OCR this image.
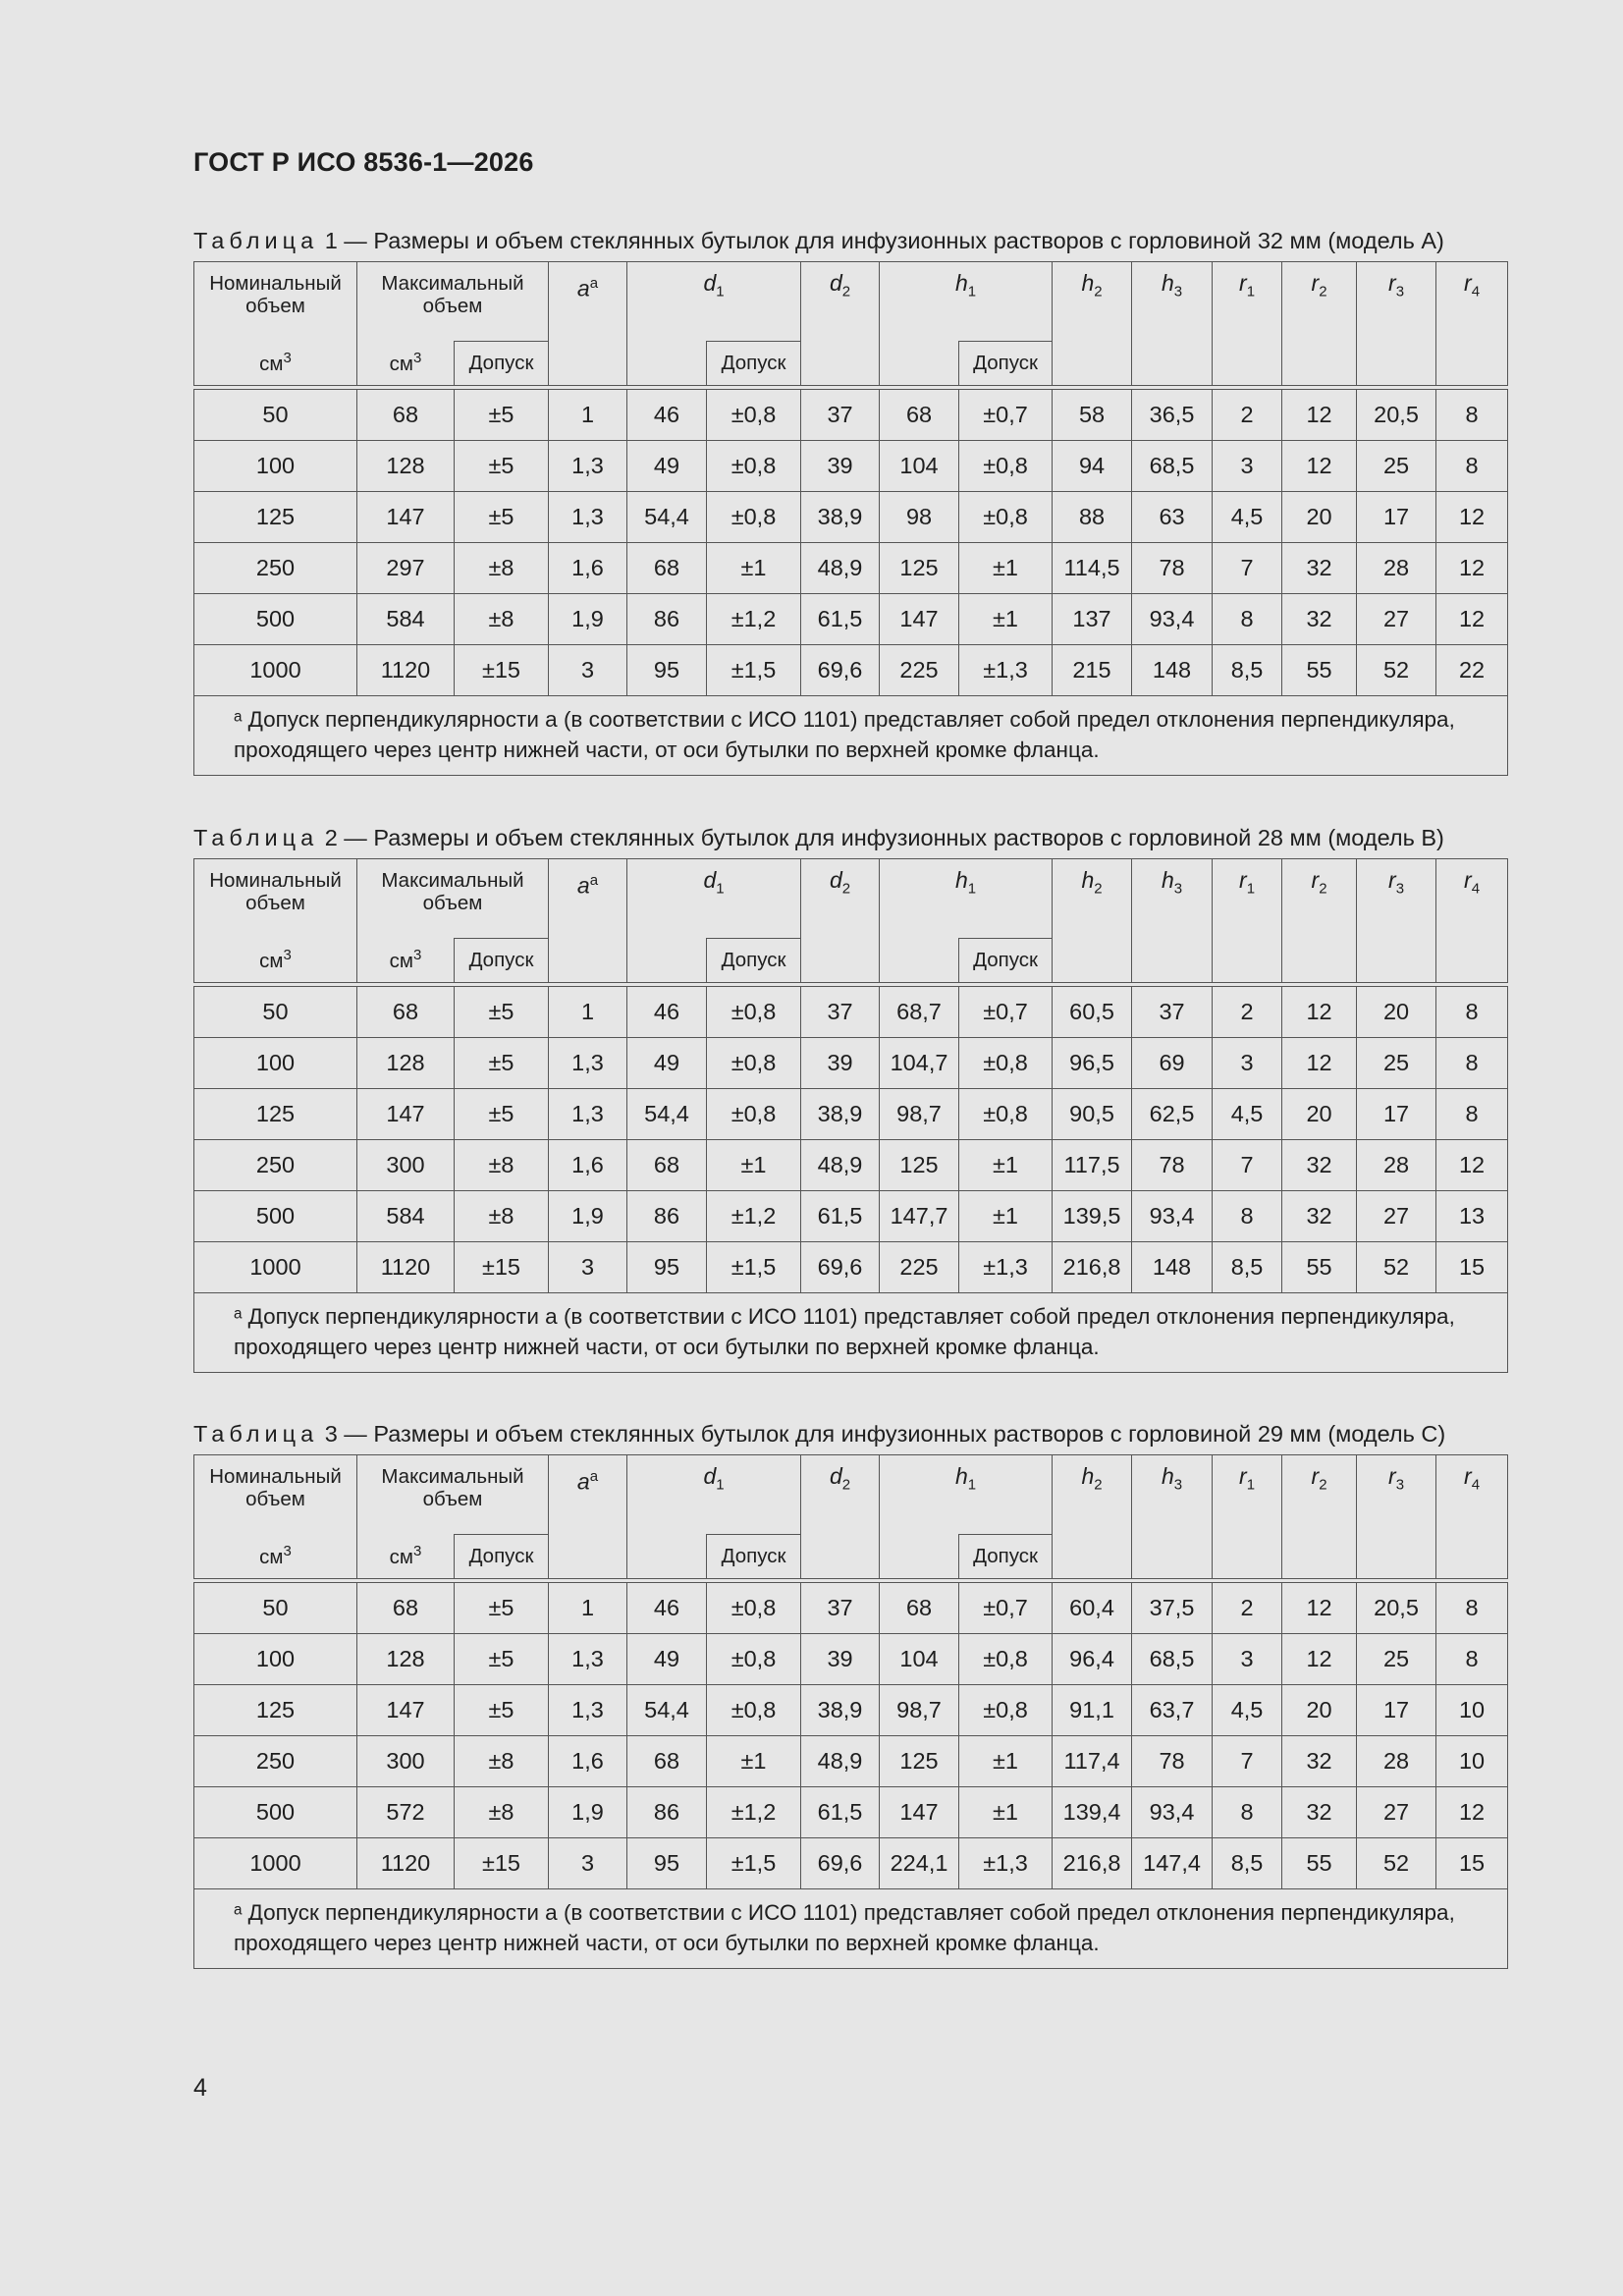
ГОСТ Р ИСО 8536-1—2026
Таблица 1 — Размеры и объем стеклянных бутылок для инфузионных растворов с горловиной 32 мм (модель А)
Номинальный объем	Максимальный объем		$a^a$	$d_1$		$d_2$	$h_1$		$h_2$	$h_3$	$r_1$	$r_2$	$r_3$	$r_4$
$см^3$	$см^3$	Допуск			Допуск			Допуск						

50	68	±5	1	46	±0,8	37	68	±0,7	58	36,5	2	12	20,5	8
100	128	±5	1,3	49	±0,8	39	104	±0,8	94	68,5	3	12	25	8
125	147	±5	1,3	54,4	±0,8	38,9	98	±0,8	88	63	4,5	20	17	12
250	297	±8	1,6	68	±1	48,9	125	±1	114,5	78	7	32	28	12
500	584	±8	1,9	86	±1,2	61,5	147	±1	137	93,4	8	32	27	12
1000	1120	±15	3	95	±1,5	69,6	225	±1,3	215	148	8,5	55	52	22

ᵃ Допуск перпендикулярности a (в соответствии с ИСО 1101) представляет собой предел отклонения перпендикуляра, проходящего через центр нижней части, от оси бутылки по верхней кромке фланца.														
Таблица 2 — Размеры и объем стеклянных бутылок для инфузионных растворов с горловиной 28 мм (модель В)
Номинальный объем	Максимальный объем		$a^a$	$d_1$		$d_2$	$h_1$		$h_2$	$h_3$	$r_1$	$r_2$	$r_3$	$r_4$
$см^3$	$см^3$	Допуск			Допуск			Допуск						

50	68	±5	1	46	±0,8	37	68,7	±0,7	60,5	37	2	12	20	8
100	128	±5	1,3	49	±0,8	39	104,7	±0,8	96,5	69	3	12	25	8
125	147	±5	1,3	54,4	±0,8	38,9	98,7	±0,8	90,5	62,5	4,5	20	17	8
250	300	±8	1,6	68	±1	48,9	125	±1	117,5	78	7	32	28	12
500	584	±8	1,9	86	±1,2	61,5	147,7	±1	139,5	93,4	8	32	27	13
1000	1120	±15	3	95	±1,5	69,6	225	±1,3	216,8	148	8,5	55	52	15

ᵃ Допуск перпендикулярности a (в соответствии с ИСО 1101) представляет собой предел отклонения перпендикуляра, проходящего через центр нижней части, от оси бутылки по верхней кромке фланца.														
Таблица 3 — Размеры и объем стеклянных бутылок для инфузионных растворов с горловиной 29 мм (модель С)
Номинальный объем	Максимальный объем		$a^a$	$d_1$		$d_2$	$h_1$		$h_2$	$h_3$	$r_1$	$r_2$	$r_3$	$r_4$
$см^3$	$см^3$	Допуск			Допуск			Допуск						

50	68	±5	1	46	±0,8	37	68	±0,7	60,4	37,5	2	12	20,5	8
100	128	±5	1,3	49	±0,8	39	104	±0,8	96,4	68,5	3	12	25	8
125	147	±5	1,3	54,4	±0,8	38,9	98,7	±0,8	91,1	63,7	4,5	20	17	10
250	300	±8	1,6	68	±1	48,9	125	±1	117,4	78	7	32	28	10
500	572	±8	1,9	86	±1,2	61,5	147	±1	139,4	93,4	8	32	27	12
1000	1120	±15	3	95	±1,5	69,6	224,1	±1,3	216,8	147,4	8,5	55	52	15

ᵃ Допуск перпендикулярности a (в соответствии с ИСО 1101) представляет собой предел отклонения перпендикуляра, проходящего через центр нижней части, от оси бутылки по верхней кромке фланца.														
4
